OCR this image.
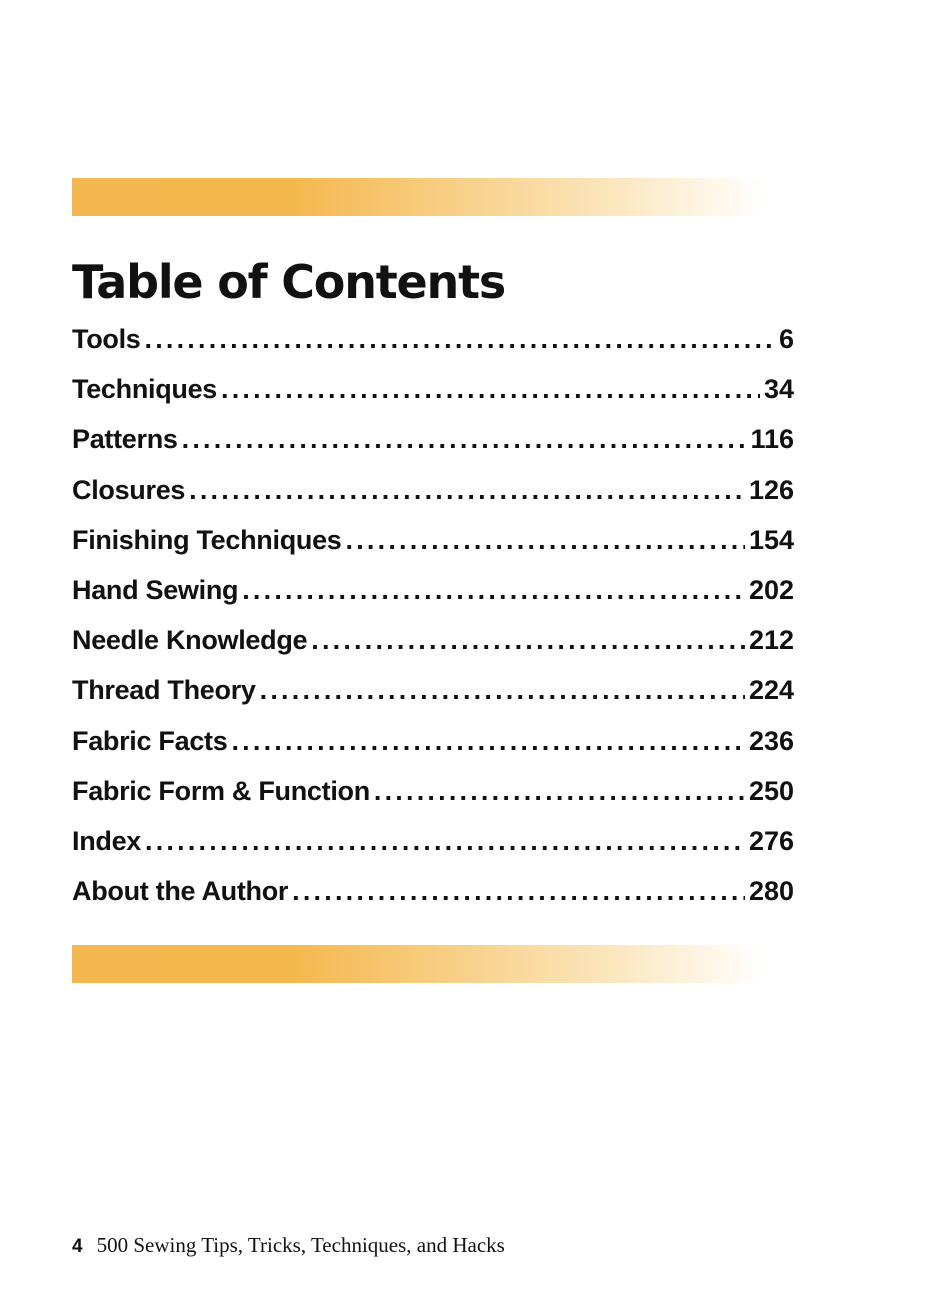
Table of Contents
Tools .....	6
Techniques .....	34
Patterns .....	116
Closures .....	126
Finishing Techniques .....	154
Hand Sewing .....	202
Needle Knowledge .....	212
Thread Theory .....	224
Fabric Facts .....	236
Fabric Form & Function .....	250
Index .....	276
About the Author .....	280
4 500 Sewing Tips, Tricks, Techniques, and Hacks
